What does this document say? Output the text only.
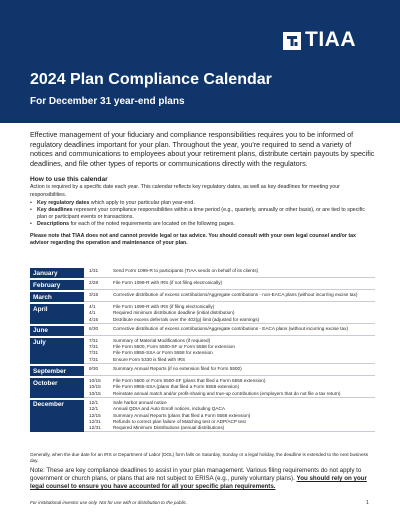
TIAA
2024 Plan Compliance Calendar
For December 31 year-end plans

Effective management of your fiduciary and compliance responsibilities requires you to be informed of regulatory deadlines important for your plan. Throughout the year, you're required to send a variety of notices and communications to employees about your retirement plans, distribute certain payouts by specific deadlines, and file other types of reports or communications directly with the regulators.

How to use this calendar

Action is required by a specific date each year. This calendar reflects key regulatory dates, as well as key deadlines for meeting your responsibilities.

• Key regulatory dates which apply to your particular plan year-end.
• Key deadlines represent your compliance responsibilities within a time period (e.g., quarterly, annually or other basis), or are tied to specific plan or participant events or transactions.
• Descriptions for each of the noted requirements are located on the following pages.

Please note that TIAA does not and cannot provide legal or tax advice. You should consult with your own legal counsel and/or tax advisor regarding the operation and maintenance of your plan.

January	1/31	Send Form 1099-R to participants (TIAA sends on behalf of its clients)
February	2/28	File Form 1099-R with IRS (if not filing electronically)
March	3/15	Corrective distribution of excess contributions/Aggregate contributions - non-EACA plans (without incurring excise tax)
April	4/1	File Form 1099-R with IRS (if filing electronically)
4/1	Required minimum distribution deadline (initial distribution)
4/15	Distribute excess deferrals over the 402(g) limit (adjusted for earnings)
June	6/30	Corrective distribution of excess contributions/Aggregate contributions - EACA plans (without incurring excise tax)
July	7/31	Summary of Material Modifications (if required)
7/31	File Form 5500, Form 5500-SF or Form 5558 for extension
7/31	File Form 8955-SSA or Form 5558 for extension
7/31	Ensure Form 5330 is filed with IRS
September	9/30	Summary Annual Reports (if no extension filed for Form 5500)
October	10/15	File Form 5500 or Form 5500-SF (plans that filed a Form 5558 extension)
10/15	File Form 8955-SSA (plans that filed a Form 5558 extension)
10/15	Reinstate annual match and/or profit-sharing and true-up contributions (employers that do not file a tax return)
December	12/1	Safe harbor annual notice
12/1	Annual QDIA and Auto Enroll notices, including QACA
12/15	Summary Annual Reports (plans that filed a Form 5558 extension)
12/31	Refunds to correct plan failure of Matching test or ADP/ACP test
12/31	Required Minimum Distributions (annual distributions)

Generally, when the due date for an IRS or Department of Labor (DOL) form falls on Saturday, Sunday or a legal holiday, the deadline is extended to the next business day.

Note: These are key compliance deadlines to assist in your plan management. Various filing requirements do not apply to government or church plans, or plans that are not subject to ERISA (e.g., purely voluntary plans). You should rely on your legal counsel to ensure you have accounted for all your specific plan requirements.

For institutional investor use only. Not for use with or distribution to the public.	1
